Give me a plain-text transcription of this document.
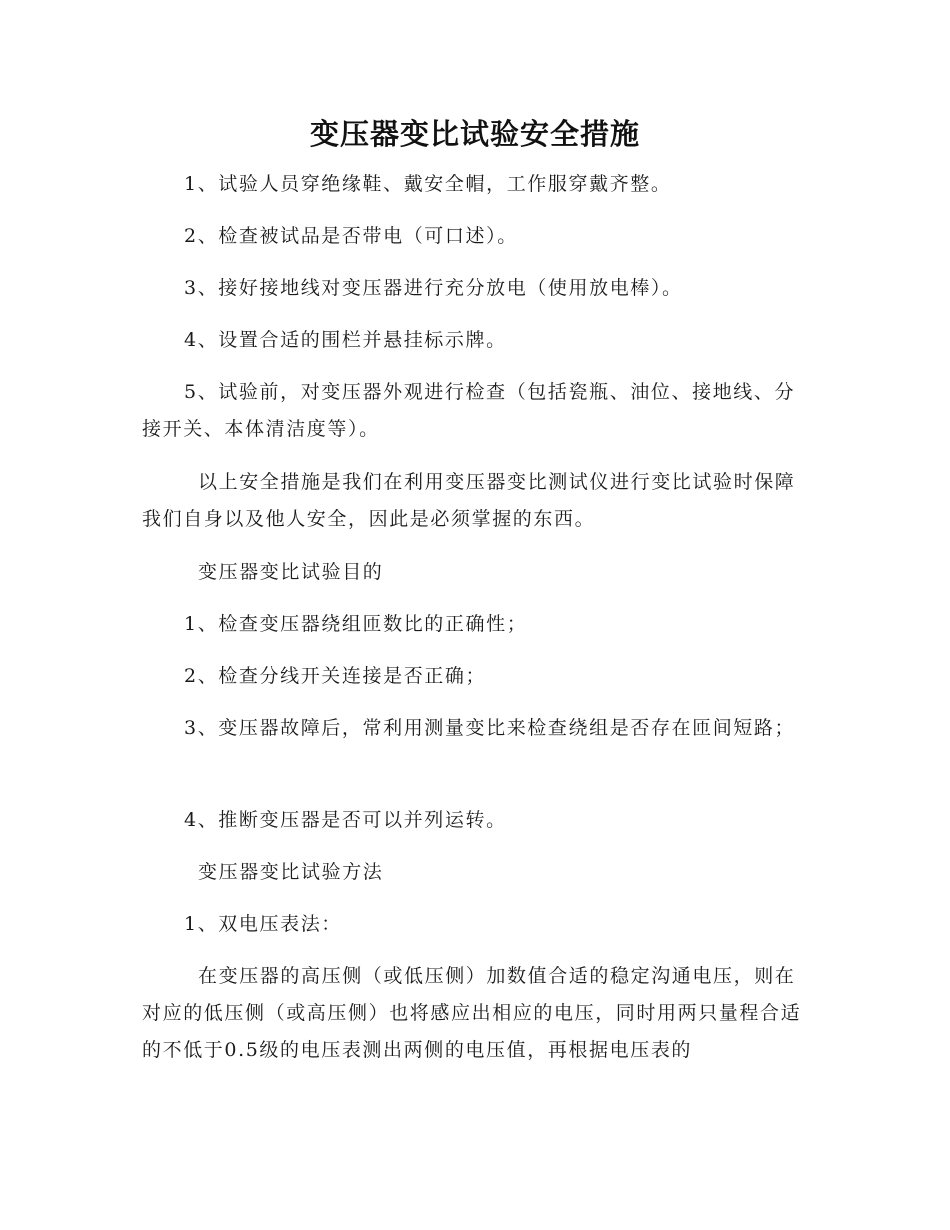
变压器变比试验安全措施

1、试验人员穿绝缘鞋、戴安全帽，工作服穿戴齐整。

2、检查被试品是否带电（可口述）。

3、接好接地线对变压器进行充分放电（使用放电棒）。

4、设置合适的围栏并悬挂标示牌。

5、试验前，对变压器外观进行检查（包括瓷瓶、油位、接地线、分接开关、本体清洁度等）。

以上安全措施是我们在利用变压器变比测试仪进行变比试验时保障我们自身以及他人安全，因此是必须掌握的东西。

变压器变比试验目的

1、检查变压器绕组匝数比的正确性；

2、检查分线开关连接是否正确；

3、变压器故障后，常利用测量变比来检查绕组是否存在匝间短路；

4、推断变压器是否可以并列运转。

变压器变比试验方法

1、双电压表法：

在变压器的高压侧（或低压侧）加数值合适的稳定沟通电压，则在对应的低压侧（或高压侧）也将感应出相应的电压，同时用两只量程合适的不低于0.5级的电压表测出两侧的电压值，再根据电压表的
